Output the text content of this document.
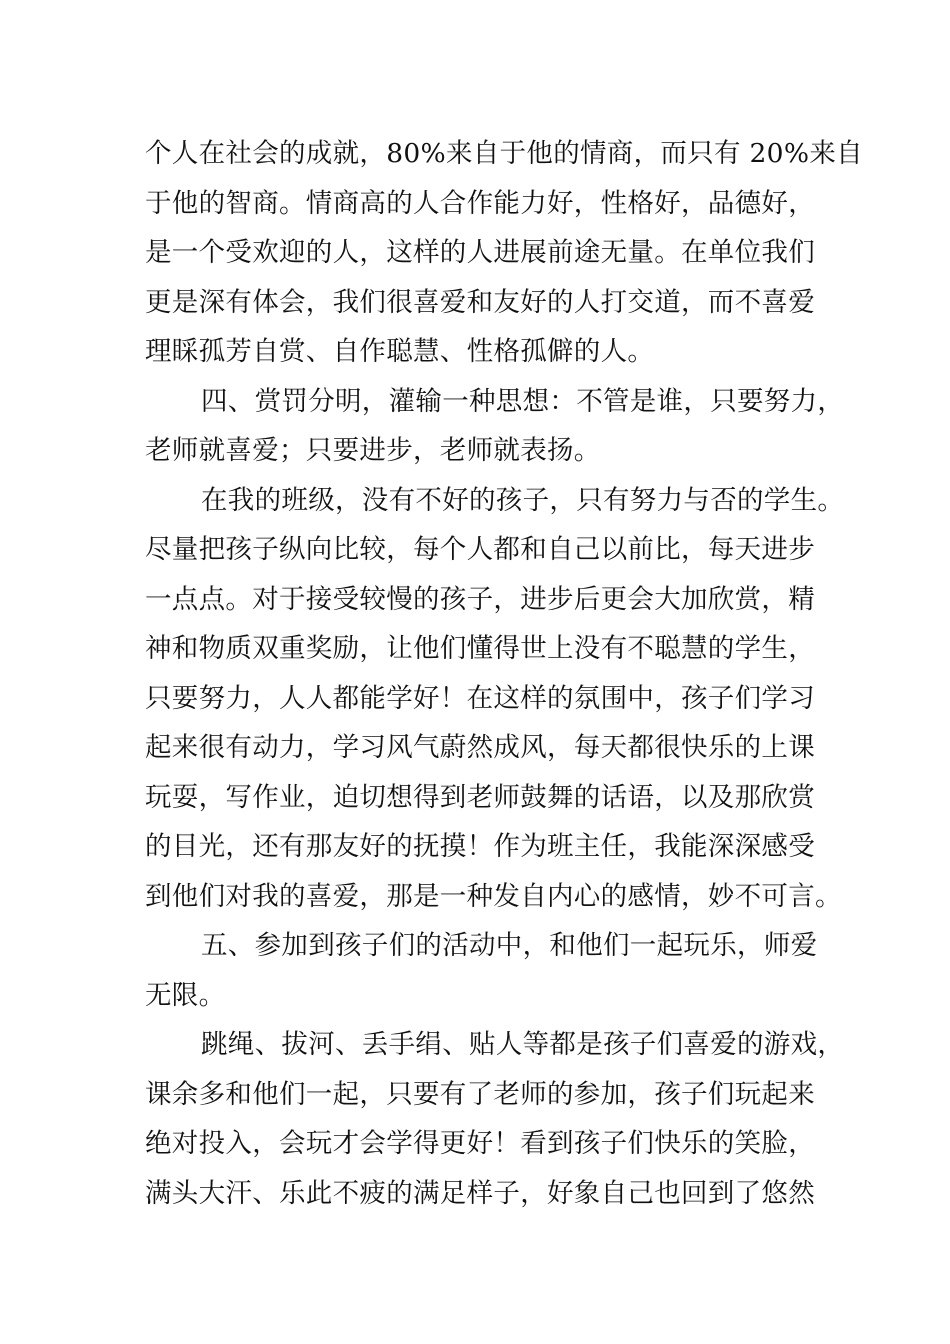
个人在社会的成就，80%来自于他的情商，而只有 20%来自
于他的智商。情商高的人合作能力好，性格好，品德好，
是一个受欢迎的人，这样的人进展前途无量。在单位我们
更是深有体会，我们很喜爱和友好的人打交道，而不喜爱
理睬孤芳自赏、自作聪慧、性格孤僻的人。
四、赏罚分明，灌输一种思想：不管是谁，只要努力，
老师就喜爱；只要进步，老师就表扬。
在我的班级，没有不好的孩子，只有努力与否的学生。
尽量把孩子纵向比较，每个人都和自己以前比，每天进步
一点点。对于接受较慢的孩子，进步后更会大加欣赏，精
神和物质双重奖励，让他们懂得世上没有不聪慧的学生，
只要努力，人人都能学好！在这样的氛围中，孩子们学习
起来很有动力，学习风气蔚然成风，每天都很快乐的上课
玩耍，写作业，迫切想得到老师鼓舞的话语，以及那欣赏
的目光，还有那友好的抚摸！作为班主任，我能深深感受
到他们对我的喜爱，那是一种发自内心的感情，妙不可言。
五、参加到孩子们的活动中，和他们一起玩乐，师爱
无限。
跳绳、拔河、丢手绢、贴人等都是孩子们喜爱的游戏，
课余多和他们一起，只要有了老师的参加，孩子们玩起来
绝对投入，会玩才会学得更好！看到孩子们快乐的笑脸，
满头大汗、乐此不疲的满足样子，好象自己也回到了悠然
